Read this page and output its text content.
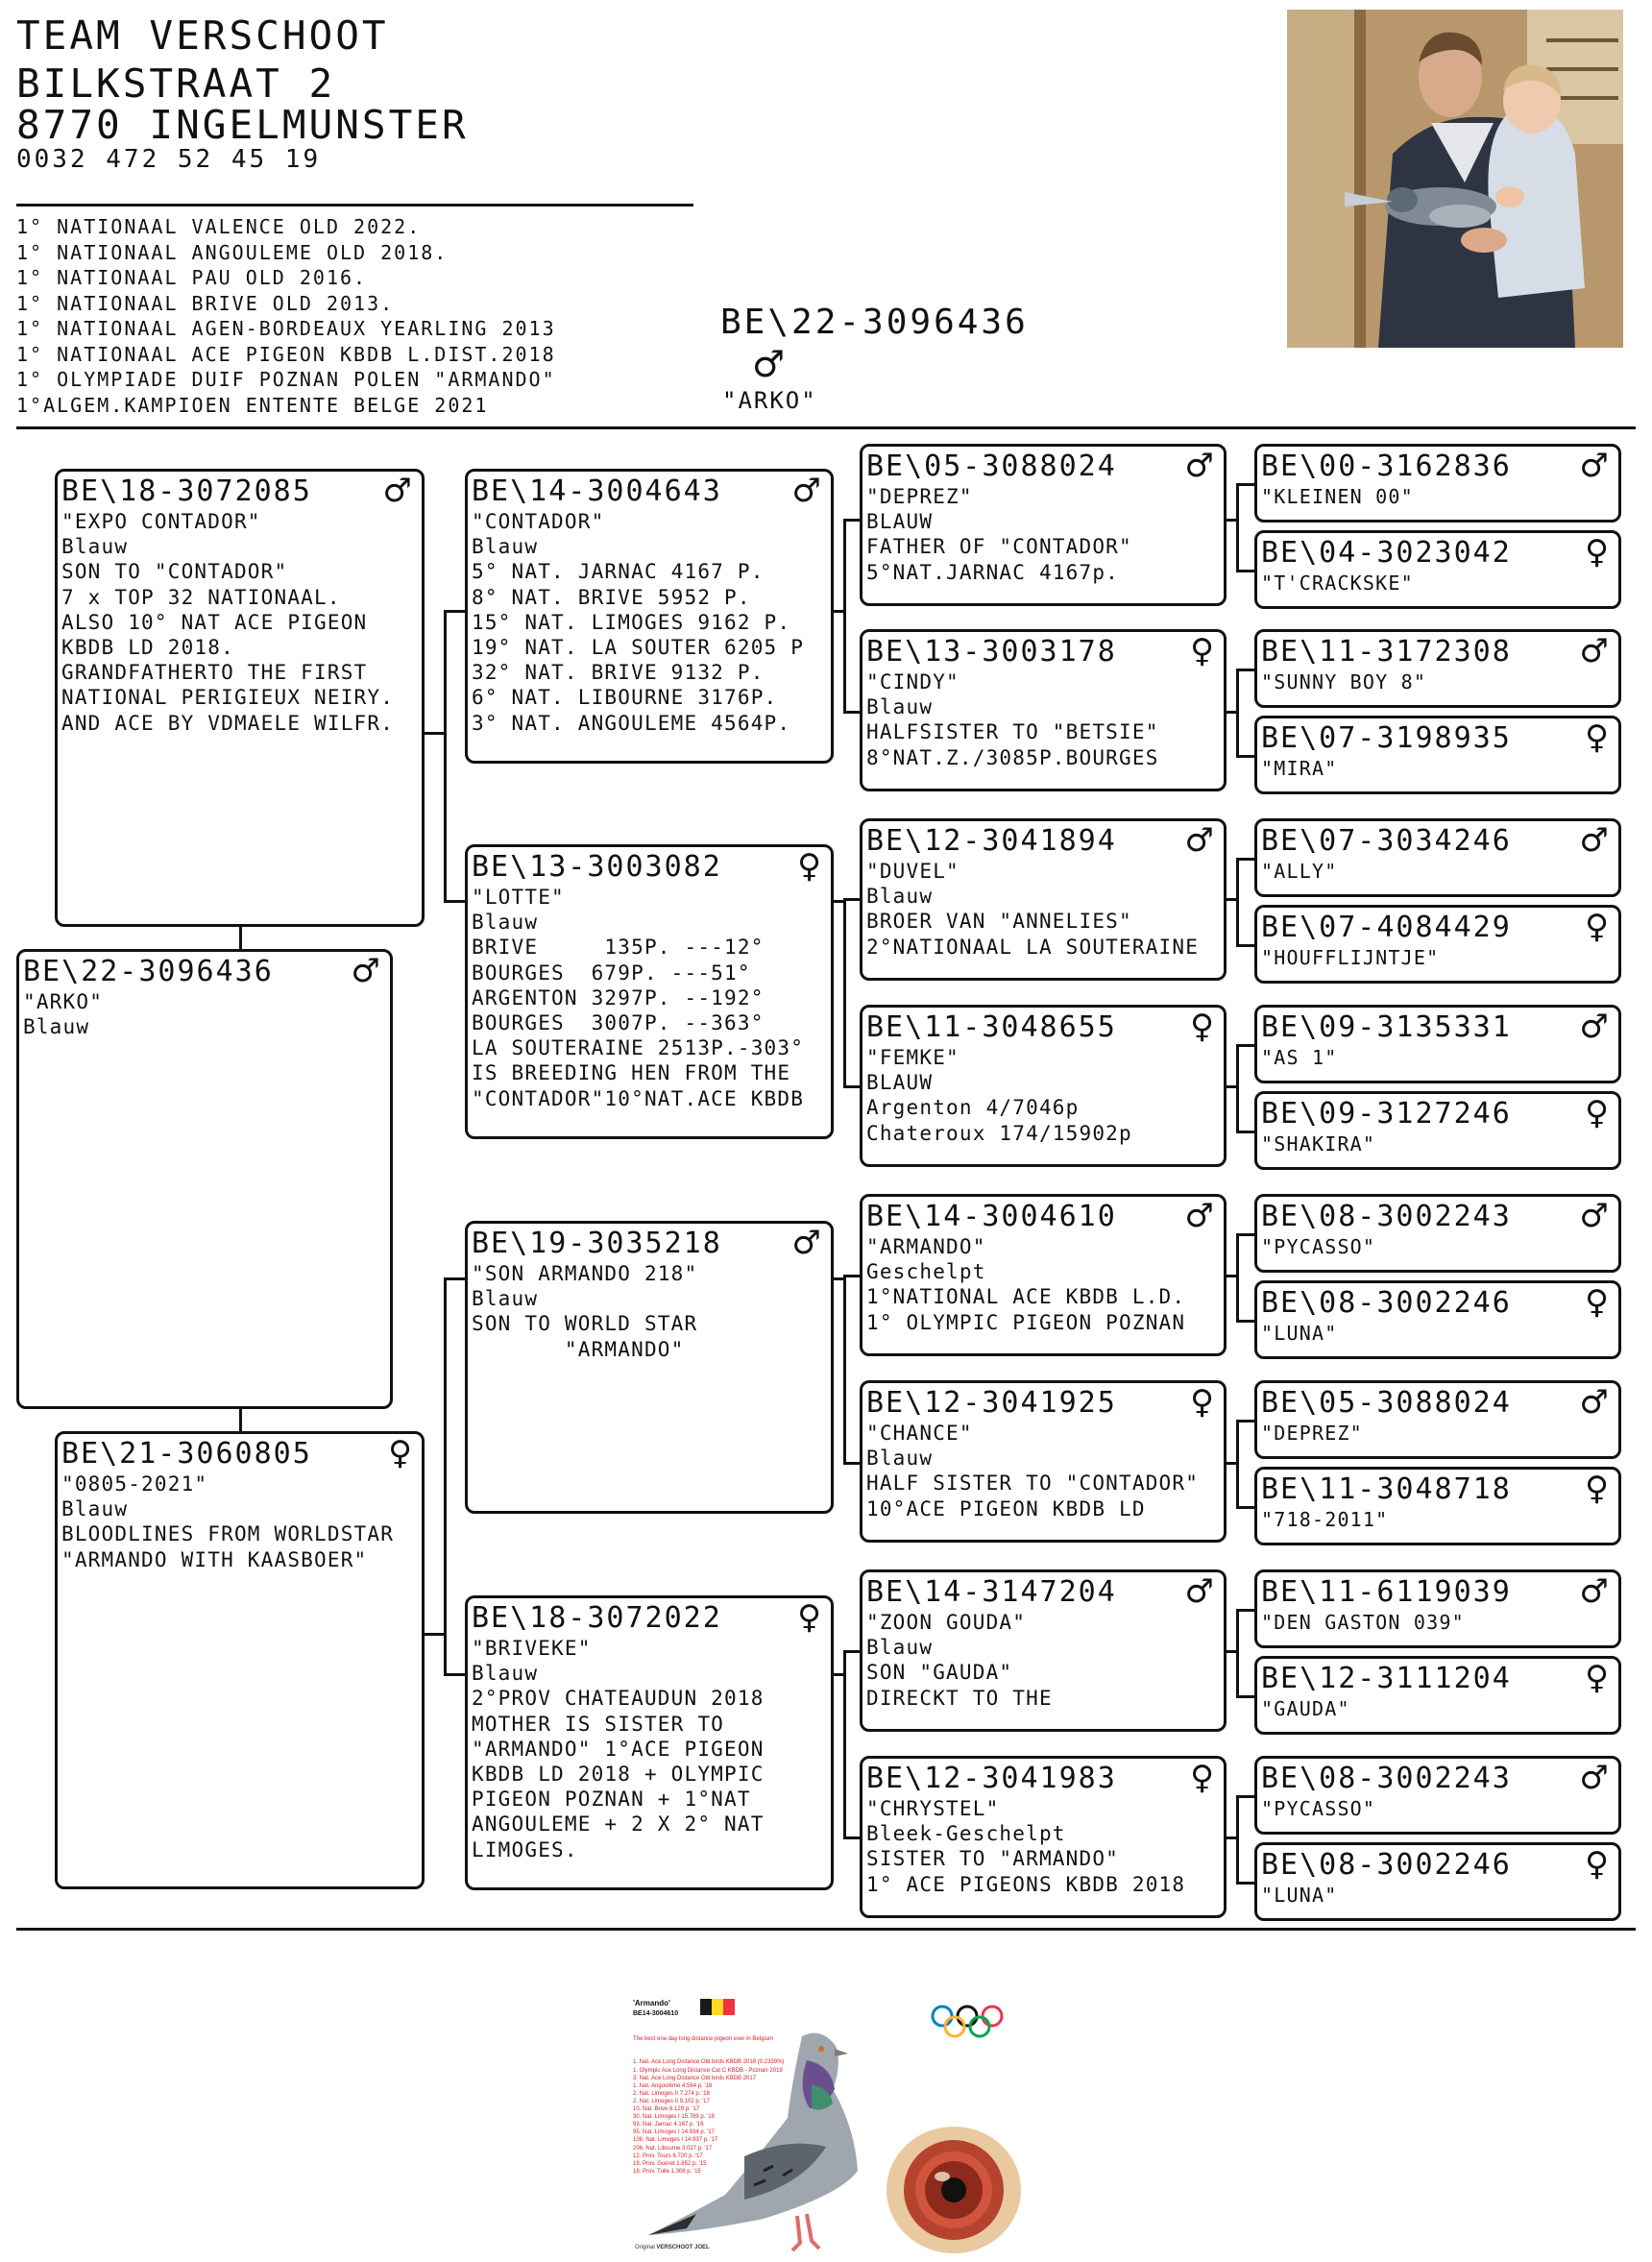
TEAM VERSCHOOT
BILKSTRAAT 2
8770 INGELMUNSTER
0032 472 52 45 19
1° NATIONAAL VALENCE OLD 2022.
1° NATIONAAL ANGOULEME OLD 2018.
1° NATIONAAL PAU OLD 2016.
1° NATIONAAL BRIVE OLD 2013.
1° NATIONAAL AGEN-BORDEAUX YEARLING 2013
1° NATIONAAL ACE PIGEON KBDB L.DIST.2018
1° OLYMPIADE DUIF POZNAN POLEN "ARMANDO"
1°ALGEM.KAMPIOEN ENTENTE BELGE 2021
BE\22-3096436
♂
"ARKO"
BE\22-3096436 ♂
"ARKO"
Blauw
BE\18-3072085 ♂
"EXPO CONTADOR"
Blauw
SON TO "CONTADOR"
7 x TOP 32 NATIONAAL.
ALSO 10° NAT ACE PIGEON
KBDB LD 2018.
GRANDFATHERTO THE FIRST
NATIONAL PERIGIEUX NEIRY.
AND ACE BY VDMAELE WILFR.
BE\21-3060805 ♀
"0805-2021"
Blauw
BLOODLINES FROM WORLDSTAR
"ARMANDO WITH KAASBOER"
BE\14-3004643 ♂
"CONTADOR"
Blauw
5° NAT. JARNAC 4167 P.
8° NAT. BRIVE 5952 P.
15° NAT. LIMOGES 9162 P.
19° NAT. LA SOUTER 6205 P
32° NAT. BRIVE 9132 P.
6° NAT. LIBOURNE 3176P.
3° NAT. ANGOULEME 4564P.
BE\13-3003082 ♀
"LOTTE"
Blauw
BRIVE     135P. ---12°
BOURGES  679P. ---51°
ARGENTON 3297P. --192°
BOURGES  3007P. --363°
LA SOUTERAINE 2513P.-303°
IS BREEDING HEN FROM THE
"CONTADOR"10°NAT.ACE KBDB
BE\19-3035218 ♂
"SON ARMANDO 218"
Blauw
SON TO WORLD STAR
"ARMANDO"
BE\18-3072022 ♀
"BRIVEKE"
Blauw
2°PROV CHATEAUDUN 2018
MOTHER IS SISTER TO
"ARMANDO" 1°ACE PIGEON
KBDB LD 2018 + OLYMPIC
PIGEON POZNAN + 1°NAT
ANGOULEME + 2 X 2° NAT
LIMOGES.
BE\05-3088024 ♂
"DEPREZ"
BLAUW
FATHER OF "CONTADOR"
5°NAT.JARNAC 4167p.
BE\13-3003178 ♀
"CINDY"
Blauw
HALFSISTER TO "BETSIE"
8°NAT.Z./3085P.BOURGES
BE\12-3041894 ♂
"DUVEL"
Blauw
BROER VAN "ANNELIES"
2°NATIONAAL LA SOUTERAINE
BE\11-3048655 ♀
"FEMKE"
BLAUW
Argenton 4/7046p
Chateroux 174/15902p
BE\14-3004610 ♂
"ARMANDO"
Geschelpt
1°NATIONAL ACE KBDB L.D.
1° OLYMPIC PIGEON POZNAN
BE\12-3041925 ♀
"CHANCE"
Blauw
HALF SISTER TO "CONTADOR"
10°ACE PIGEON KBDB LD
BE\14-3147204 ♂
"ZOON GOUDA"
Blauw
SON "GAUDA"
DIRECKT TO THE
BE\12-3041983 ♀
"CHRYSTEL"
Bleek-Geschelpt
SISTER TO "ARMANDO"
1° ACE PIGEONS KBDB 2018
BE\00-3162836 ♂
"KLEINEN 00"
BE\04-3023042 ♀
"T'CRACKSKE"
BE\11-3172308 ♂
"SUNNY BOY 8"
BE\07-3198935 ♀
"MIRA"
BE\07-3034246 ♂
"ALLY"
BE\07-4084429 ♀
"HOUFFLIJNTJE"
BE\09-3135331 ♂
"AS 1"
BE\09-3127246 ♀
"SHAKIRA"
BE\08-3002243 ♂
"PYCASSO"
BE\08-3002246 ♀
"LUNA"
BE\05-3088024 ♂
"DEPREZ"
BE\11-3048718 ♀
"718-2011"
BE\11-6119039 ♂
"DEN GASTON 039"
BE\12-3111204 ♀
"GAUDA"
BE\08-3002243 ♂
"PYCASSO"
BE\08-3002246 ♀
"LUNA"
'Armando'
BE14-3004610

The best one day long distance pigeon ever in Belgium

1. Nat. Ace Long Distance Old birds KBDB 2018 (0.2339%)
1. Olympic Ace Long Distance Cat C KBDB - Poznan 2019
3. Nat. Ace Long Distance Old birds KBDB 2017
1. Nat. Angoulême 4.564 p. '18
2. Nat. Limoges II 7.274 p. '18
2. Nat. Limoges II 9.102 p. '17
10. Nat. Brive 6.129 p. '17
30. Nat. Limoges I 15.789 p. '18
93. Nat. Jarnac 4.167 p. '16
95. Nat. Limoges I 14.934 p. '17
108. Nat. Limoges I 14.937 p. '17
206. Nat. Libourne 3.027 p. '17
12. Prov. Tours 6.720 p. '17
19. Prov. Guéret 1.852 p. '15
18. Prov. Tulle 1.308 p. '15

Original VERSCHOOT JOEL
